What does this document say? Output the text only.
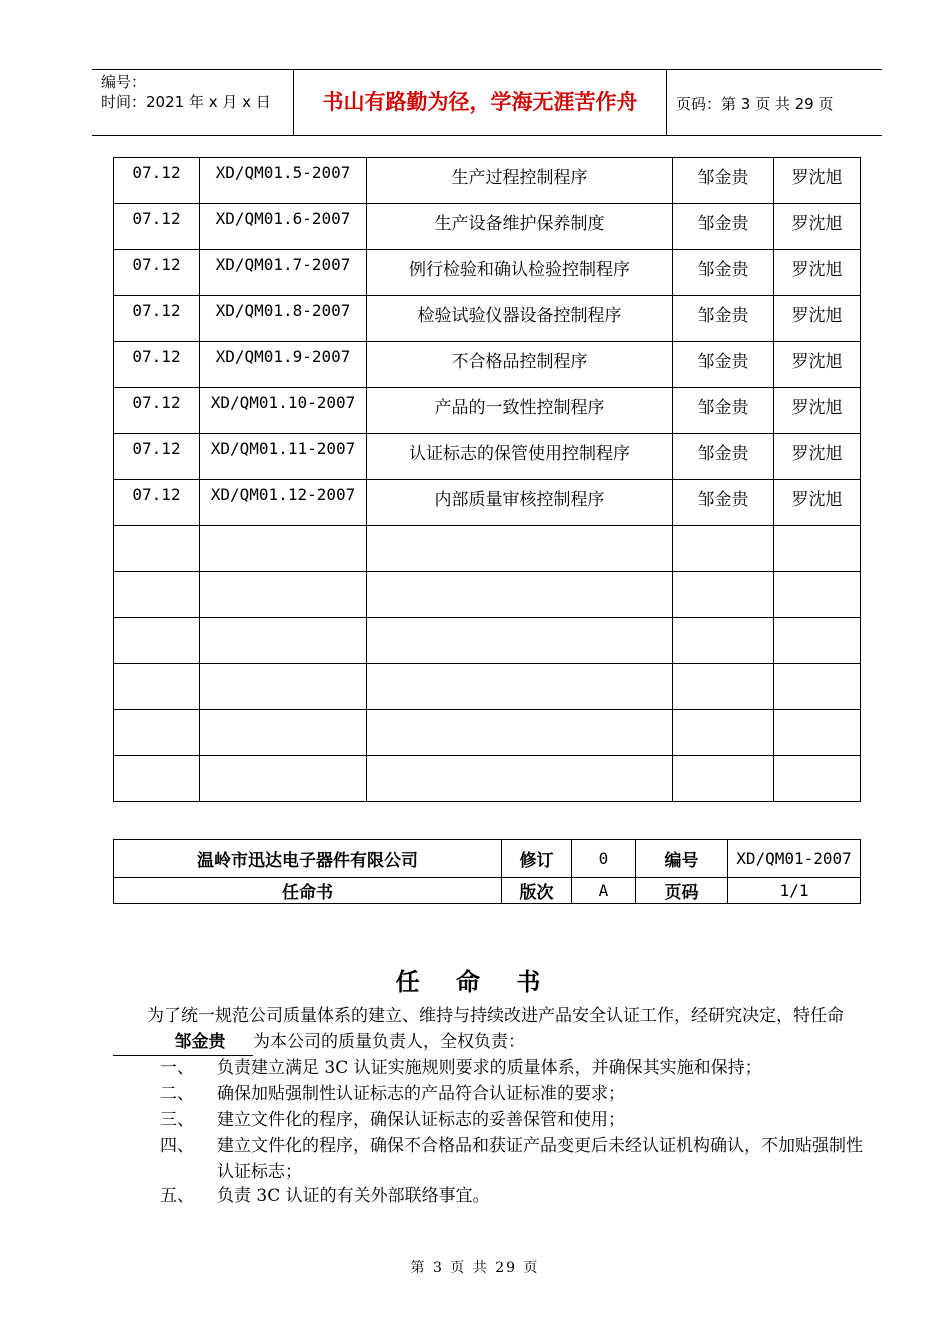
编号：
时间：2021 年 x 月 x 日	书山有路勤为径，学海无涯苦作舟	页码：第 3 页 共 29 页
07.12	XD/QM01.5-2007	生产过程控制程序	邹金贵	罗沈旭
07.12	XD/QM01.6-2007	生产设备维护保养制度	邹金贵	罗沈旭
07.12	XD/QM01.7-2007	例行检验和确认检验控制程序	邹金贵	罗沈旭
07.12	XD/QM01.8-2007	检验试验仪器设备控制程序	邹金贵	罗沈旭
07.12	XD/QM01.9-2007	不合格品控制程序	邹金贵	罗沈旭
07.12	XD/QM01.10-2007	产品的一致性控制程序	邹金贵	罗沈旭
07.12	XD/QM01.11-2007	认证标志的保管使用控制程序	邹金贵	罗沈旭
07.12	XD/QM01.12-2007	内部质量审核控制程序	邹金贵	罗沈旭

温岭市迅达电子器件有限公司	修订	0	编号	XD/QM01-2007
任命书	版次	A	页码	1/1
任 命 书
为了统一规范公司质量体系的建立、维持与持续改进产品安全认证工作，经研究决定，特任命邹金贵 为本公司的质量负责人，全权负责：
一、	负责建立满足 3C 认证实施规则要求的质量体系，并确保其实施和保持；
二、	确保加贴强制性认证标志的产品符合认证标准的要求；
三、	建立文件化的程序，确保认证标志的妥善保管和使用；
四、	建立文件化的程序，确保不合格品和获证产品变更后未经认证机构确认，不加贴强制性认证标志；
五、	负责 3C 认证的有关外部联络事宜。
第 3 页 共 29 页
